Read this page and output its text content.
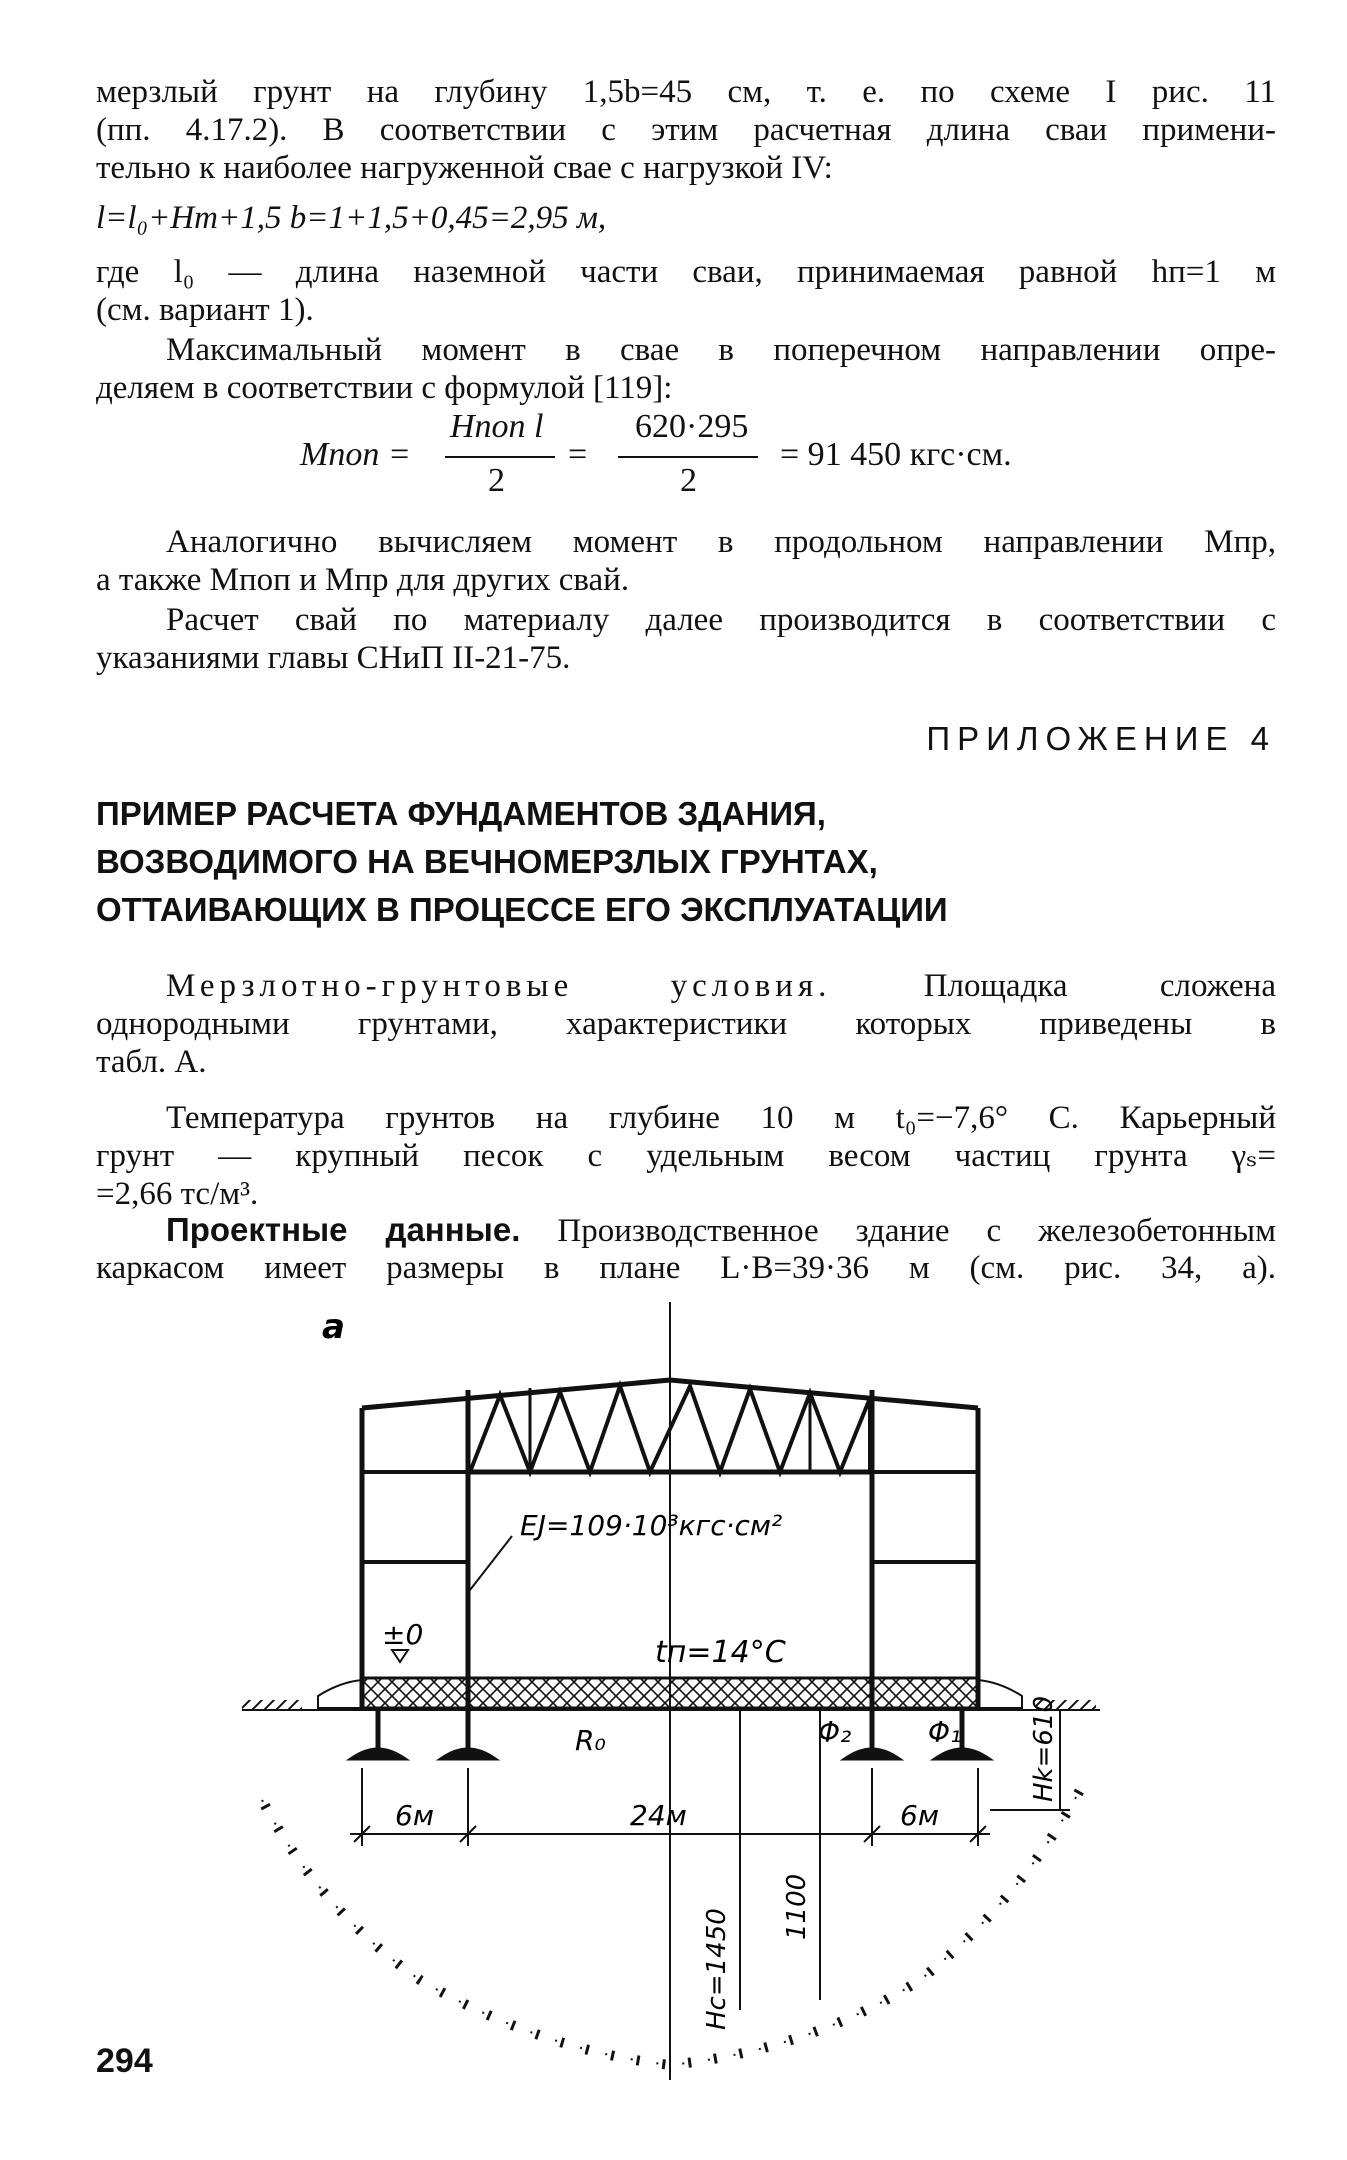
мерзлый грунт на глубину 1,5b=45 см, т. е. по схеме I рис. 11

(пп. 4.17.2). В соответствии с этим расчетная длина сваи примени-

тельно к наиболее нагруженной свае с нагрузкой IV:

l=l₀+Hт+1,5 b=1+1,5+0,45=2,95 м,

где l₀ — длина наземной части сваи, принимаемая равной hп=1 м

(см. вариант 1).

Максимальный момент в свае в поперечном направлении опре-

деляем в соответствии с формулой [119]:

Mпоп =
Hпоп l
2
=
620·295
2
= 91 450 кгс·см.

Аналогично вычисляем момент в продольном направлении Mпр,

а также Mпоп и Mпр для других свай.

Расчет свай по материалу далее производится в соответствии с

указаниями главы СНиП II-21-75.

ПРИЛОЖЕНИЕ 4

ПРИМЕР РАСЧЕТА ФУНДАМЕНТОВ ЗДАНИЯ,

ВОЗВОДИМОГО НА ВЕЧНОМЕРЗЛЫХ ГРУНТАХ,

ОТТАИВАЮЩИХ В ПРОЦЕССЕ ЕГО ЭКСПЛУАТАЦИИ

Мерзлотно-грунтовые условия. Площадка сложена

однородными грунтами, характеристики которых приведены в

табл. А.

Температура грунтов на глубине 10 м t₀=−7,6° С. Карьерный

грунт — крупный песок с удельным весом частиц грунта γₛ=

=2,66 тс/м³.

Проектные данные. Производственное здание с железобетонным

каркасом имеет размеры в плане L·B=39·36 м (см. рис. 34, a).

a
EJ=109·10³кгс·см²
±0
tп=14°C
R₀	Φ₂	Φ₁
6м	24м	6м
Hk=610
Hc=1450
1100

294
